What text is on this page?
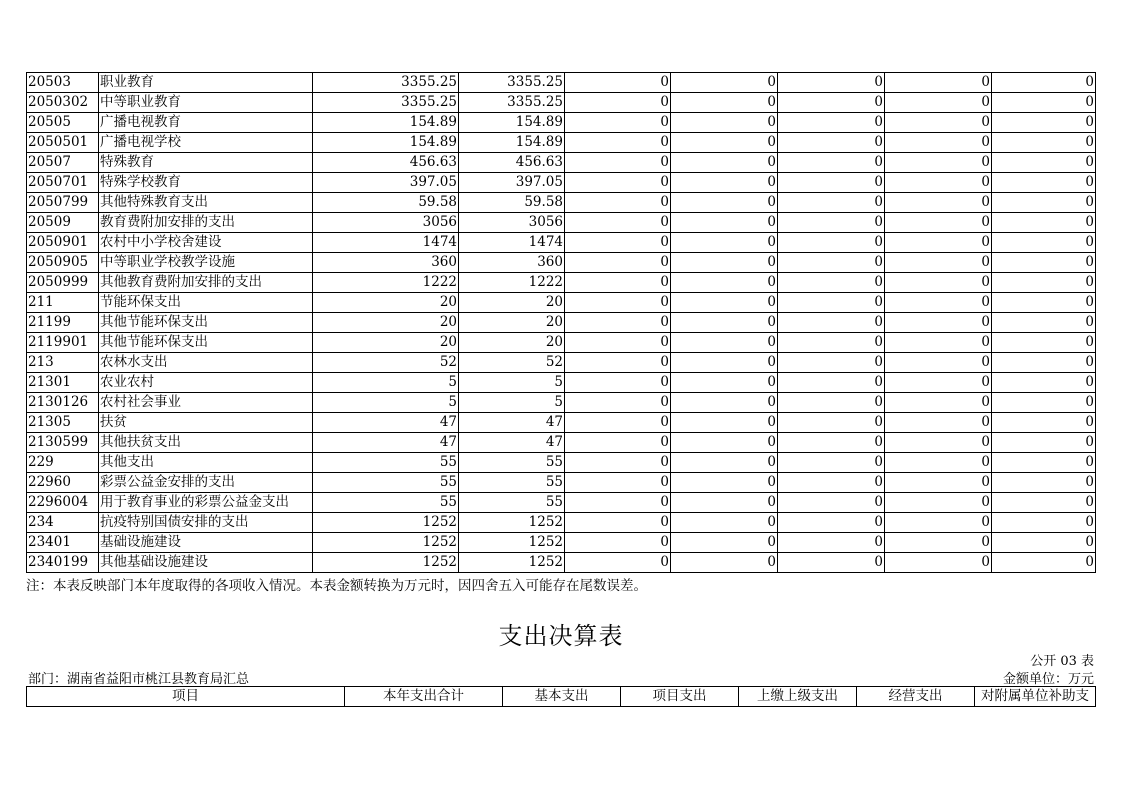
20503	职业教育	3355.25	3355.25	0	0	0	0	0
2050302	中等职业教育	3355.25	3355.25	0	0	0	0	0
20505	广播电视教育	154.89	154.89	0	0	0	0	0
2050501	广播电视学校	154.89	154.89	0	0	0	0	0
20507	特殊教育	456.63	456.63	0	0	0	0	0
2050701	特殊学校教育	397.05	397.05	0	0	0	0	0
2050799	其他特殊教育支出	59.58	59.58	0	0	0	0	0
20509	教育费附加安排的支出	3056	3056	0	0	0	0	0
2050901	农村中小学校舍建设	1474	1474	0	0	0	0	0
2050905	中等职业学校教学设施	360	360	0	0	0	0	0
2050999	其他教育费附加安排的支出	1222	1222	0	0	0	0	0
211	节能环保支出	20	20	0	0	0	0	0
21199	其他节能环保支出	20	20	0	0	0	0	0
2119901	其他节能环保支出	20	20	0	0	0	0	0
213	农林水支出	52	52	0	0	0	0	0
21301	农业农村	5	5	0	0	0	0	0
2130126	农村社会事业	5	5	0	0	0	0	0
21305	扶贫	47	47	0	0	0	0	0
2130599	其他扶贫支出	47	47	0	0	0	0	0
229	其他支出	55	55	0	0	0	0	0
22960	彩票公益金安排的支出	55	55	0	0	0	0	0
2296004	用于教育事业的彩票公益金支出	55	55	0	0	0	0	0
234	抗疫特别国债安排的支出	1252	1252	0	0	0	0	0
23401	基础设施建设	1252	1252	0	0	0	0	0
2340199	其他基础设施建设	1252	1252	0	0	0	0	0
注：本表反映部门本年度取得的各项收入情况。本表金额转换为万元时，因四舍五入可能存在尾数误差。
支出决算表
公开 03 表
部门：湖南省益阳市桃江县教育局汇总	金额单位：万元
项目	本年支出合计	基本支出	项目支出	上缴上级支出	经营支出	对附属单位补助支
